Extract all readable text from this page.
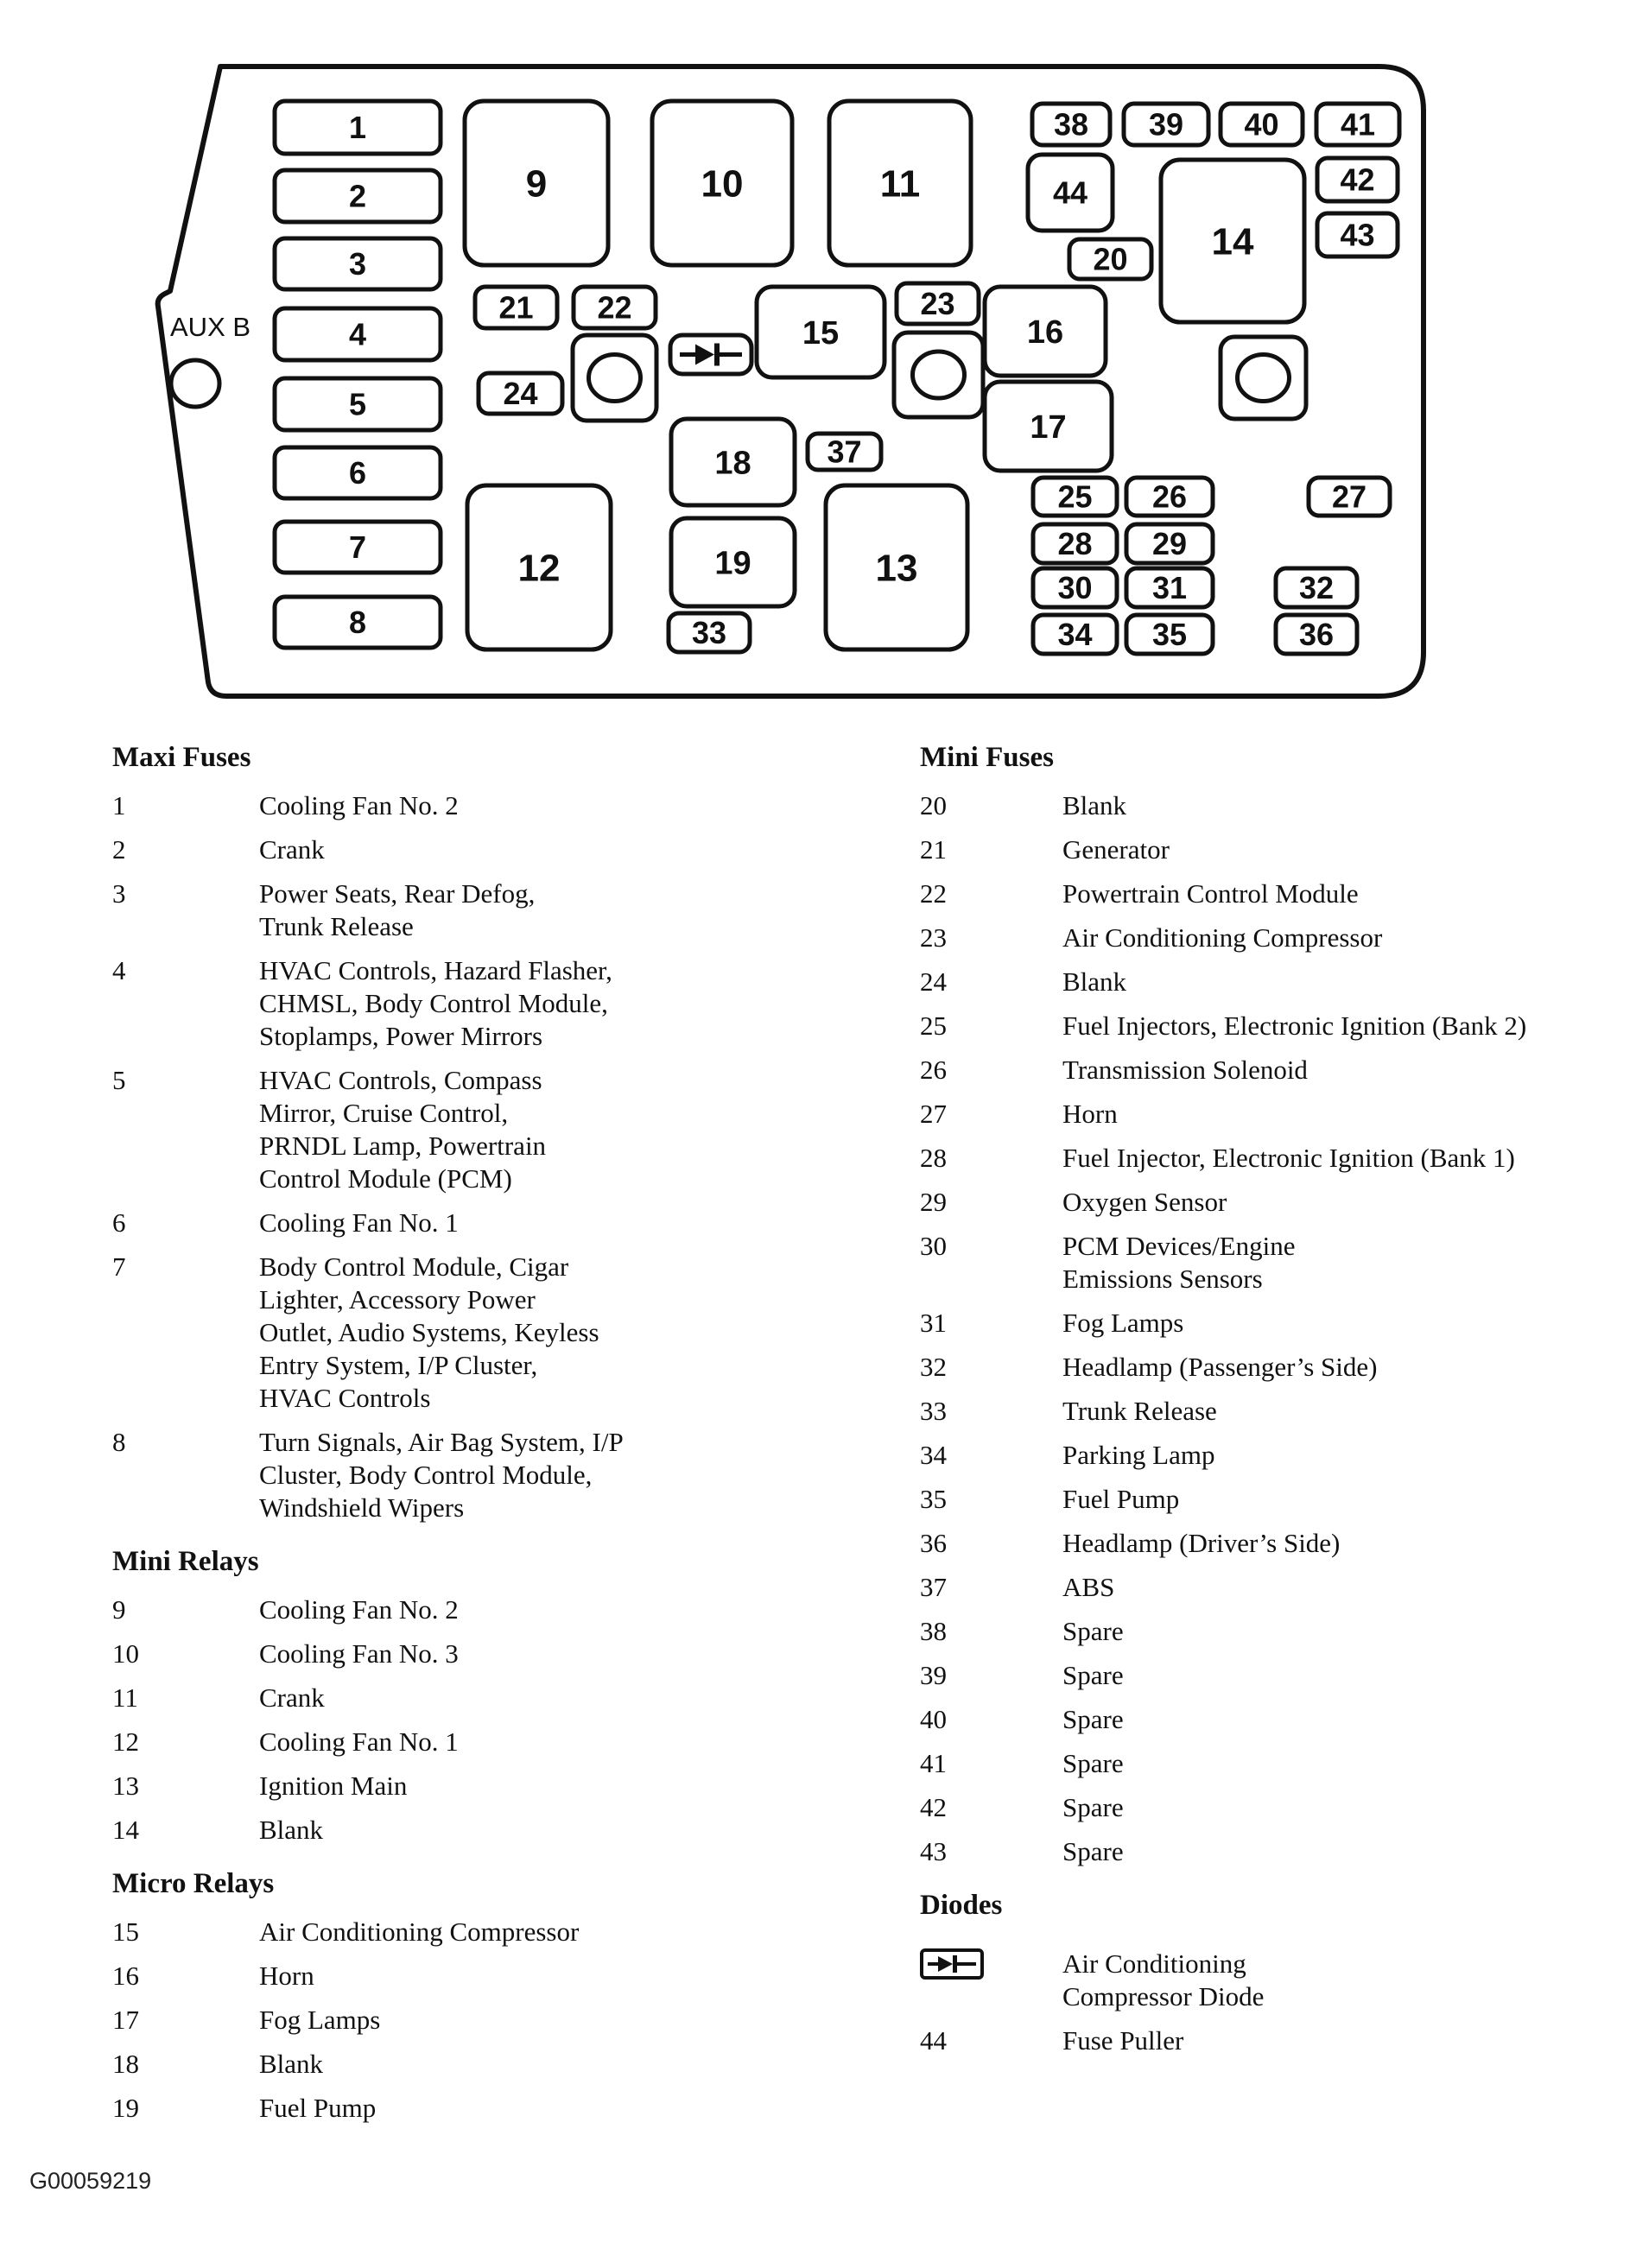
1
2
3
4
5
6
7
8
9	10	11
12	13
14
15	16
17
18
19
20
21 22	23
24
25 26	27
28 29
30 31	32
33	34 35	36
37
38 39 40 41
42
43
44
AUX B
Maxi Fuses
1	Cooling Fan No. 2
2	Crank
3	Power Seats, Rear Defog,
Trunk Release
4	HVAC Controls, Hazard Flasher,
CHMSL, Body Control Module,
Stoplamps, Power Mirrors
5	HVAC Controls, Compass
Mirror, Cruise Control,
PRNDL Lamp, Powertrain
Control Module (PCM)
6	Cooling Fan No. 1
7	Body Control Module, Cigar
Lighter, Accessory Power
Outlet, Audio Systems, Keyless
Entry System, I/P Cluster,
HVAC Controls
8	Turn Signals, Air Bag System, I/P
Cluster, Body Control Module,
Windshield Wipers
Mini Relays
9	Cooling Fan No. 2
10	Cooling Fan No. 3
11	Crank
12	Cooling Fan No. 1
13	Ignition Main
14	Blank
Micro Relays
15	Air Conditioning Compressor
16	Horn
17	Fog Lamps
18	Blank
19	Fuel Pump
Mini Fuses
20	Blank
21	Generator
22	Powertrain Control Module
23	Air Conditioning Compressor
24	Blank
25	Fuel Injectors, Electronic Ignition (Bank 2)
26	Transmission Solenoid
27	Horn
28	Fuel Injector, Electronic Ignition (Bank 1)
29	Oxygen Sensor
30	PCM Devices/Engine
Emissions Sensors
31	Fog Lamps
32	Headlamp (Passenger’s Side)
33	Trunk Release
34	Parking Lamp
35	Fuel Pump
36	Headlamp (Driver’s Side)
37	ABS
38	Spare
39	Spare
40	Spare
41	Spare
42	Spare
43	Spare
Diodes
Air Conditioning
Compressor Diode
44	Fuse Puller
G00059219
